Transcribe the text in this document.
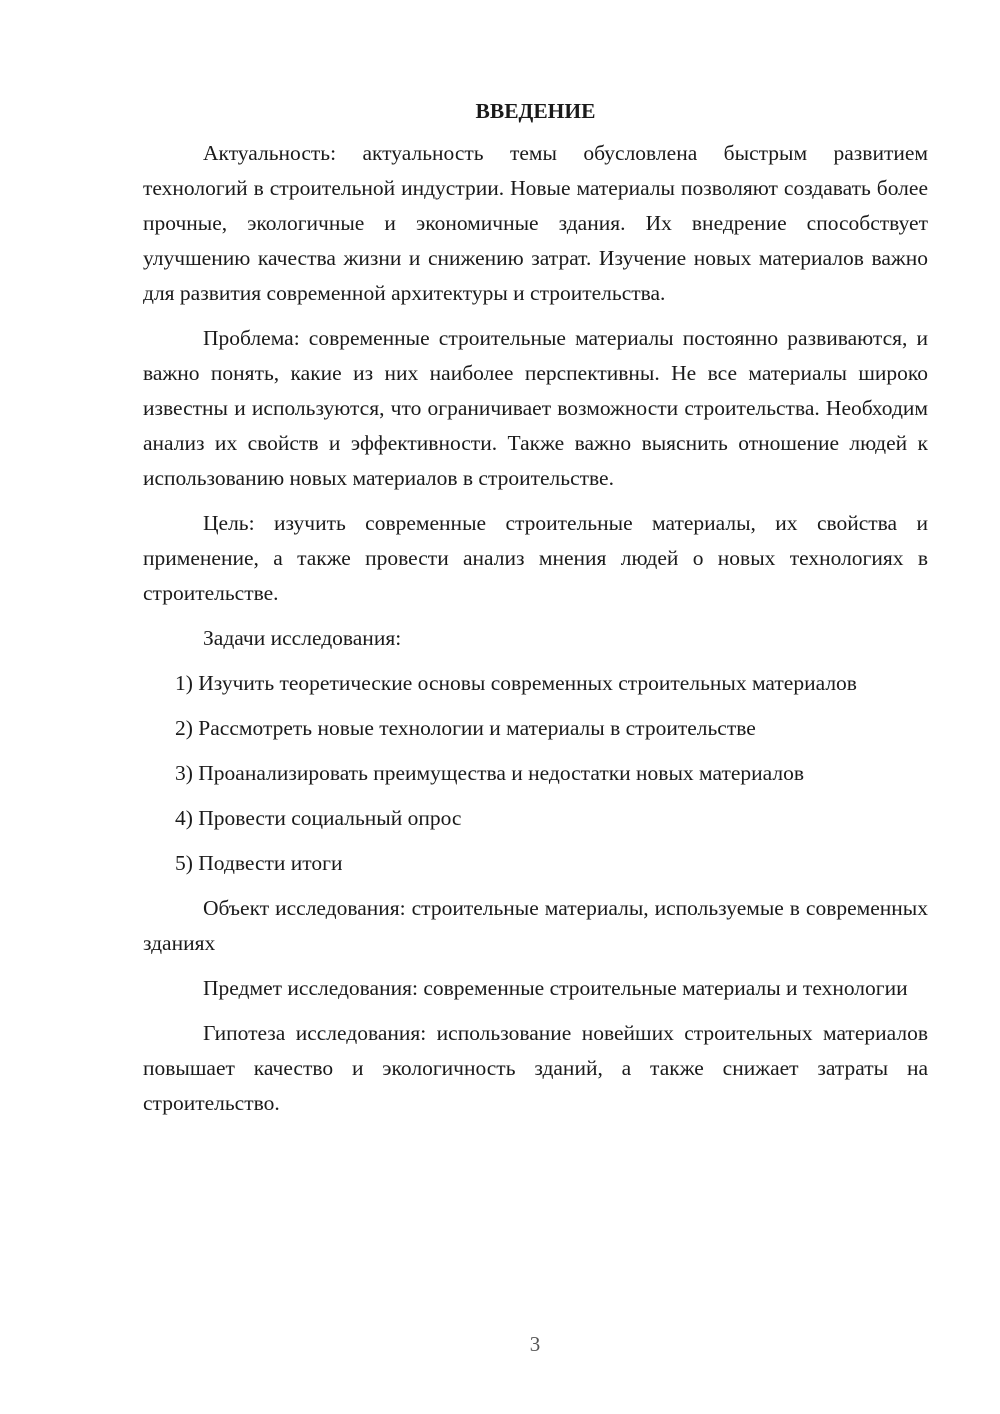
ВВЕДЕНИЕ

Актуальность: актуальность темы обусловлена быстрым развитием технологий в строительной индустрии. Новые материалы позволяют создавать более прочные, экологичные и экономичные здания. Их внедрение способствует улучшению качества жизни и снижению затрат. Изучение новых материалов важно для развития современной архитектуры и строительства.

Проблема: современные строительные материалы постоянно развиваются, и важно понять, какие из них наиболее перспективны. Не все материалы широко известны и используются, что ограничивает возможности строительства. Необходим анализ их свойств и эффективности. Также важно выяснить отношение людей к использованию новых материалов в строительстве.

Цель: изучить современные строительные материалы, их свойства и применение, а также провести анализ мнения людей о новых технологиях в строительстве.

Задачи исследования:

1) Изучить теоретические основы современных строительных материалов

2) Рассмотреть новые технологии и материалы в строительстве

3) Проанализировать преимущества и недостатки новых материалов

4) Провести социальный опрос

5) Подвести итоги

Объект исследования: строительные материалы, используемые в современных зданиях

Предмет исследования: современные строительные материалы и технологии

Гипотеза исследования: использование новейших строительных материалов повышает качество и экологичность зданий, а также снижает затраты на строительство.

3
